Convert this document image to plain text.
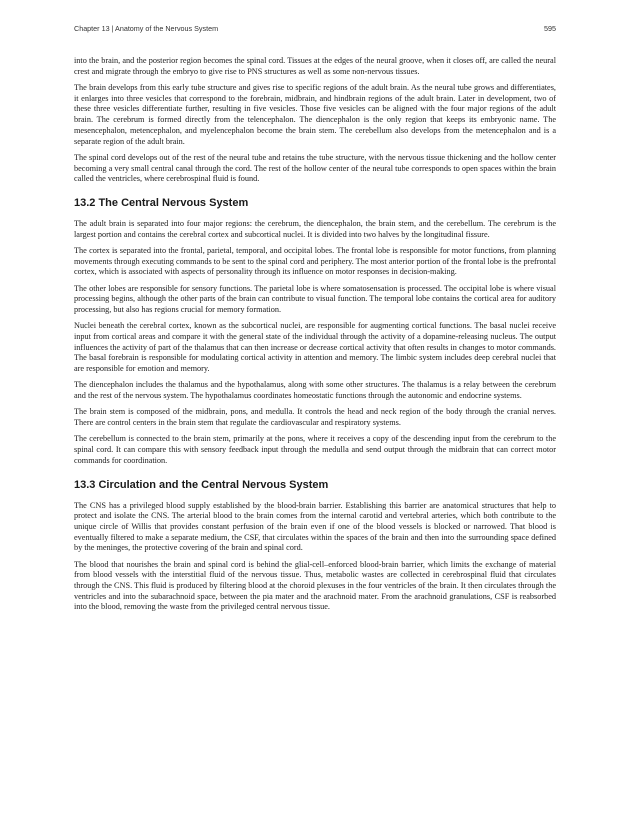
Chapter 13 | Anatomy of the Nervous System	595

into the brain, and the posterior region becomes the spinal cord. Tissues at the edges of the neural groove, when it closes off, are called the neural crest and migrate through the embryo to give rise to PNS structures as well as some non-nervous tissues.

The brain develops from this early tube structure and gives rise to specific regions of the adult brain. As the neural tube grows and differentiates, it enlarges into three vesicles that correspond to the forebrain, midbrain, and hindbrain regions of the adult brain. Later in development, two of these three vesicles differentiate further, resulting in five vesicles. Those five vesicles can be aligned with the four major regions of the adult brain. The cerebrum is formed directly from the telencephalon. The diencephalon is the only region that keeps its embryonic name. The mesencephalon, metencephalon, and myelencephalon become the brain stem. The cerebellum also develops from the metencephalon and is a separate region of the adult brain.

The spinal cord develops out of the rest of the neural tube and retains the tube structure, with the nervous tissue thickening and the hollow center becoming a very small central canal through the cord. The rest of the hollow center of the neural tube corresponds to open spaces within the brain called the ventricles, where cerebrospinal fluid is found.

13.2 The Central Nervous System

The adult brain is separated into four major regions: the cerebrum, the diencephalon, the brain stem, and the cerebellum. The cerebrum is the largest portion and contains the cerebral cortex and subcortical nuclei. It is divided into two halves by the longitudinal fissure.

The cortex is separated into the frontal, parietal, temporal, and occipital lobes. The frontal lobe is responsible for motor functions, from planning movements through executing commands to be sent to the spinal cord and periphery. The most anterior portion of the frontal lobe is the prefrontal cortex, which is associated with aspects of personality through its influence on motor responses in decision-making.

The other lobes are responsible for sensory functions. The parietal lobe is where somatosensation is processed. The occipital lobe is where visual processing begins, although the other parts of the brain can contribute to visual function. The temporal lobe contains the cortical area for auditory processing, but also has regions crucial for memory formation.

Nuclei beneath the cerebral cortex, known as the subcortical nuclei, are responsible for augmenting cortical functions. The basal nuclei receive input from cortical areas and compare it with the general state of the individual through the activity of a dopamine-releasing nucleus. The output influences the activity of part of the thalamus that can then increase or decrease cortical activity that often results in changes to motor commands. The basal forebrain is responsible for modulating cortical activity in attention and memory. The limbic system includes deep cerebral nuclei that are responsible for emotion and memory.

The diencephalon includes the thalamus and the hypothalamus, along with some other structures. The thalamus is a relay between the cerebrum and the rest of the nervous system. The hypothalamus coordinates homeostatic functions through the autonomic and endocrine systems.

The brain stem is composed of the midbrain, pons, and medulla. It controls the head and neck region of the body through the cranial nerves. There are control centers in the brain stem that regulate the cardiovascular and respiratory systems.

The cerebellum is connected to the brain stem, primarily at the pons, where it receives a copy of the descending input from the cerebrum to the spinal cord. It can compare this with sensory feedback input through the medulla and send output through the midbrain that can correct motor commands for coordination.

13.3 Circulation and the Central Nervous System

The CNS has a privileged blood supply established by the blood-brain barrier. Establishing this barrier are anatomical structures that help to protect and isolate the CNS. The arterial blood to the brain comes from the internal carotid and vertebral arteries, which both contribute to the unique circle of Willis that provides constant perfusion of the brain even if one of the blood vessels is blocked or narrowed. That blood is eventually filtered to make a separate medium, the CSF, that circulates within the spaces of the brain and then into the surrounding space defined by the meninges, the protective covering of the brain and spinal cord.

The blood that nourishes the brain and spinal cord is behind the glial-cell–enforced blood-brain barrier, which limits the exchange of material from blood vessels with the interstitial fluid of the nervous tissue. Thus, metabolic wastes are collected in cerebrospinal fluid that circulates through the CNS. This fluid is produced by filtering blood at the choroid plexuses in the four ventricles of the brain. It then circulates through the ventricles and into the subarachnoid space, between the pia mater and the arachnoid mater. From the arachnoid granulations, CSF is reabsorbed into the blood, removing the waste from the privileged central nervous tissue.
